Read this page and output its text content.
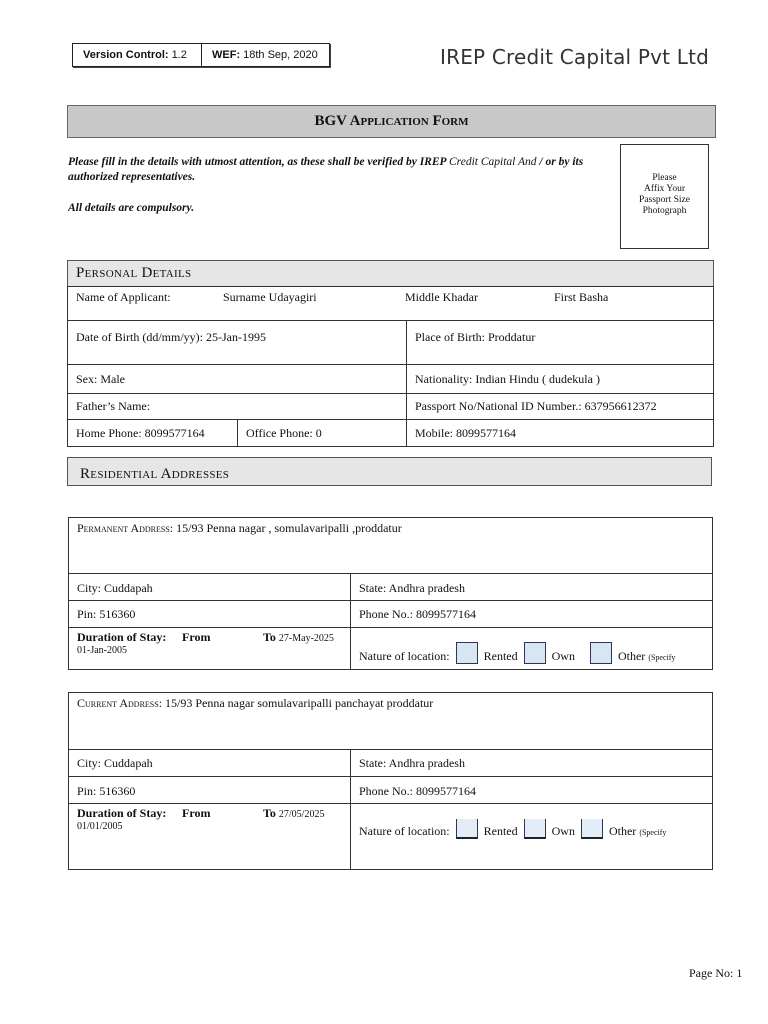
Version Control: 1.2 WEF: 18th Sep, 2020	IREP Credit Capital Pvt Ltd
BGV Application Form
Please fill in the details with utmost attention, as these shall be verified by IREP Credit Capital And / or by its authorized representatives.
All details are compulsory.
Please
Affix Your
Passport Size
Photograph
Personal Details
Name of Applicant:	Surname Udayagiri	Middle Khadar	First Basha
Date of Birth (dd/mm/yy): 25-Jan-1995	Place of Birth: Proddatur
Sex: Male	Nationality: Indian Hindu ( dudekula )
Father’s Name:	Passport No/National ID Number.: 637956612372
Home Phone: 8099577164	Office Phone: 0	Mobile: 8099577164
Residential Addresses
Permanent Address: 15/93 Penna nagar , somulavaripalli ,proddatur
City: Cuddapah	State: Andhra pradesh
Pin: 516360	Phone No.: 8099577164
Duration of Stay: From	To 27-May-2025
01-Jan-2005	Nature of location:	Rented	Own	Other (Specify
Current Address: 15/93 Penna nagar somulavaripalli panchayat proddatur
City: Cuddapah	State: Andhra pradesh
Pin: 516360	Phone No.: 8099577164
Duration of Stay: From	To 27/05/2025
01/01/2005	Nature of location:	Rented	Own	Other (Specify
Page No: 1
